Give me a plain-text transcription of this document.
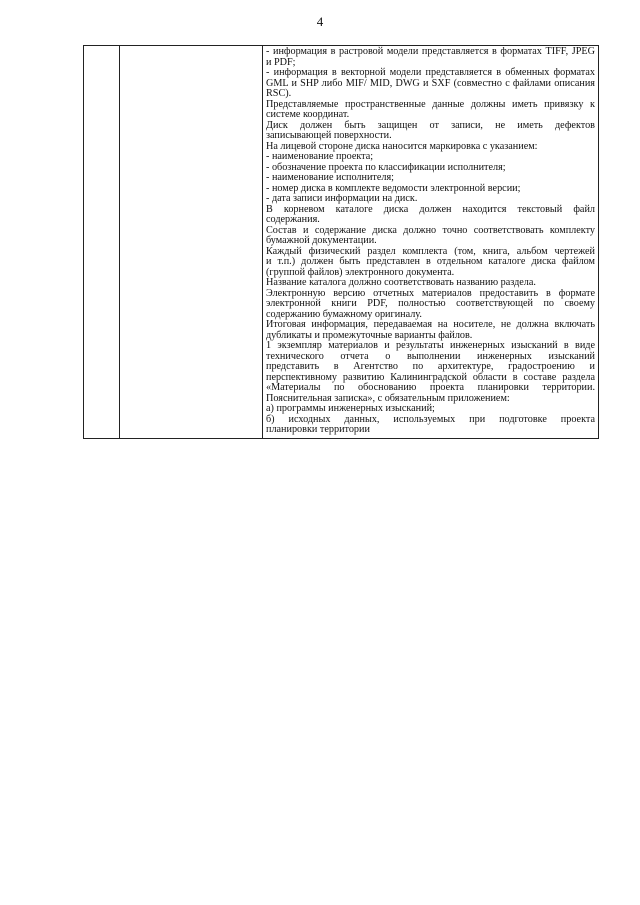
4

- информация в растровой модели представляется в форматах TIFF, JPEG
и PDF;
- информация в векторной модели представляется в обменных форматах
GML и SHP либо MIF/ MID, DWG и SXF (совместно с файлами описания
RSC).
Представляемые пространственные данные должны иметь привязку к
системе координат.
Диск должен быть защищен от записи, не иметь дефектов
записывающей поверхности.
На лицевой стороне диска наносится маркировка с указанием:
- наименование проекта;
- обозначение проекта по классификации исполнителя;
- наименование исполнителя;
- номер диска в комплекте ведомости электронной версии;
- дата записи информации на диск.
В корневом каталоге диска должен находится текстовый файл
содержания.
Состав и содержание диска должно точно соответствовать комплекту
бумажной документации.
Каждый физический раздел комплекта (том, книга, альбом чертежей
и т.п.) должен быть представлен в отдельном каталоге диска файлом
(группой файлов) электронного документа.
Название каталога должно соответствовать названию раздела.
Электронную версию отчетных материалов предоставить в формате
электронной книги PDF, полностью соответствующей по своему
содержанию бумажному оригиналу.
Итоговая информация, передаваемая на носителе, не должна включать
дубликаты и промежуточные варианты файлов.
1 экземпляр материалов и результаты инженерных изысканий в виде
технического отчета о выполнении инженерных изысканий
представить в Агентство по архитектуре, градостроению и
перспективному развитию Калининградской области в составе раздела
«Материалы по обоснованию проекта планировки территории.
Пояснительная записка», с обязательным приложением:
а) программы инженерных изысканий;
б) исходных данных, используемых при подготовке проекта
планировки территории
